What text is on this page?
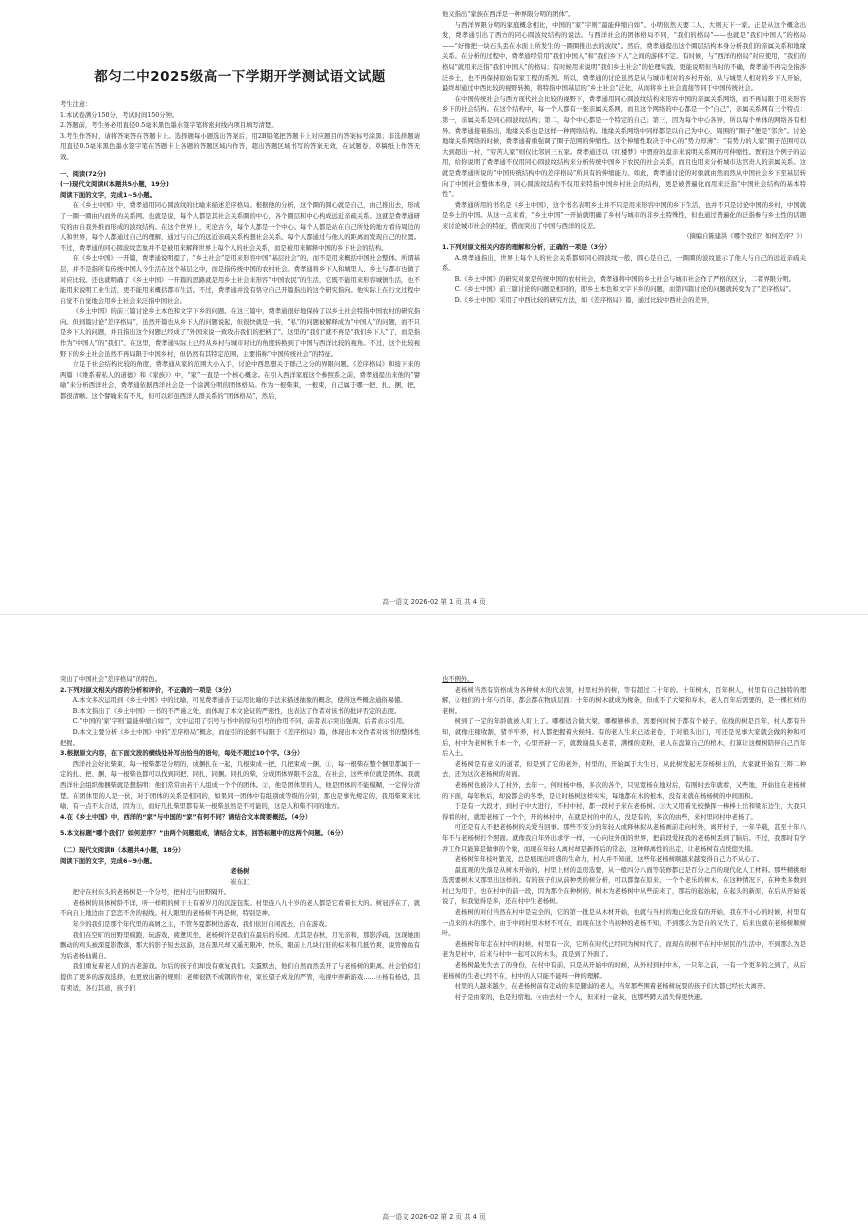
都匀二中2025级高一下学期开学测试语文试题

考生注意：

1.本试卷满分150分，考试时间150分钟。

2.答题前，考生务必用直径0.5毫米黑色墨水签字笔将密封线内项目填写清楚。

3.考生作答时，请将答案答在答题卡上。选择题每小题选出答案后，用2B铅笔把答题卡上对应题目的答案标号涂黑；非选择题请用直径0.5毫米黑色墨水签字笔在答题卡上各题的答题区域内作答，超出答题区域书写的答案无效，在试题卷、草稿纸上作答无效。

一、阅读(72分)

(一)现代文阅读Ⅰ(本题共5小题，19分)

阅读下面的文字，完成1~5小题。

在《乡土中国》中，费孝通用同心圆波纹的比喻来描述差序格局。根据他的分析，这个圈的圆心就是自己，由己推出去，形成了一圈一圈由内而外的关系网。也就是说，每个人都是其社会关系圈的中心，各个圈层和中心构成远近亲疏关系。这就是费孝通研究的由自我外推而形成的波纹结构。在这个世界上，无论古今，每个人都是一个中心。每个人都是站在自己所处的地方看待周边的人和世界，每个人都通过自己的理解，通过与自己的远近亲疏关系构想社会关系。每个人都通过与他人的距离而发现自己的位置。不过，费孝通的同心圆波纹恋象并不是被用来解释世界上每个人的社会关系，而是被用来解释中国的乡下社会的结构。

在《乡土中国》一开篇，费孝通说明提了，“乡土社会”是用来形容中国“基层社会”的，而不是用来概括中国社会整体。所谓基层，并不是指所有传统中国人今生活在这个基层之中，而是指传统中国的农村社会。费孝通将乡下人和城里人、乡土与都市也做了对应比较。还也就明确了《乡土中国》一开篇的思路就是用乡土社会来形容“中国农民”的生活，它既不能用来形容城镇生活，也不能用来说明工业生活，更不能用来概括都市生活。不过，费孝通并没有恪守自己开篇指出的这个研究指向。他实际上在行文过程中自觉不自觉地会用乡土社会来泛指中国社会。

《乡土中国》的前三篇讨论乡土本色和文字下乡的问题。在这三篇中，费孝通很好地保持了以乡土社会特指中国农村的研究指向。但到篇讨论“差序格局”，虽然开篇也从乡下人的问题说起，但很快就是一转，“私”的问题被解释成为“中国人”的问题，而不只是乡下人的问题，并且指出这个问题已经成了“外国来说一致攻击我们的把柄了”。这里的“我们”就不再是“我们乡下人”了，而是指作为“中国人”的“我们”。在这里，费孝通实际上已经从乡村与城市对比的角度转换到了中国与西洋比较的视角。不过，这个比较视野下的乡土社会虽然不再局限于中国乡村，但仍然有其特定范围，主要指称“中国传统社会”的特征。

立足于社会结构比较的角度，费孝通从家的范围大小入手，讨论中西思想关于群己之分的界限问题。《差序格局》和接下来的两篇（《维系着私人的道德》和《家族》）中，“家”一直是一个核心概念。在引入西洋家庭这个参照系之前，费孝通提出来他的“譬喻”来分析西洋社会，费孝通依据西洋社会是一个涂满分明的团体格局。作为一根柴束，一根束，自己属于哪一把、扎、捆，把，都很清晰。这个譬喻来有不凡，但可以彩虽西洋人群关系的“团体格局”，然后，

他又指出“家族在西洋是一种界限分明的团体”。

与西洋界限分明的家庭概念相比，中国的“家”字则“最能伸缩自如”。小明依然天要二人，大则天下一家。正是从这个概念出发，费孝通引出了西方的同心圆波纹结构的说法。与西洋社会的团体格局不同，“我们的格局”——也就是“我们中国人”的格局——“好像把一块石头丢在水面上所发生的一圈圈推出去的波纹”。然后，费孝通提出这个圈层结构本身分析我们的亲属关系和地缘关系。在分析的过程中，费孝通经常用“我们中国人”和“我们乡下人”之间的游移不定。有时候，与“西洋的格局”对应使用，“我们的格局”就用来泛指“我们中国人”的格局；有时候用来说明“我们乡土社会”的伦理实践，更能说明但当时的不确，费孝通不再完全指涉泛乡土，也不再保持原始有家工程的系列。所以，费孝通的讨论虽然是从与城市相对的乡村开始，从与城里人相对的乡下人开始，最终却通过中西比较的视野转换，将特指中国基层的“乡土社会”泛化，从而将乡土社会直接等同于中国传统社会。

在中国传统社会与西方现代社会比较的视野下，费孝通用同心圆波纹结构来形容中国的亲属关系网络，而不再局限于用来形容乡下的社会结构。在这个结构中，每一个人都有一张亲属关系网，而且这个网络的中心都是一个“自己”，亲属关系网有三个特点：第一，亲属关系是同心圆波纹结构；第二，每个中心都是一个特定的自己；第三，因为每个中心各异，所以每个单体的网络各有相异。费孝通接着指出，地缘关系也是这样一种网络结构。地缘关系网络中同样都是以自己为中心，周围的“圈子”便是“邻舍”。讨论地缘关系网络的时候，费孝通着重强调了圈子范围的伸缩性。这个伸缩性取决于中心的“势力厚薄”：“有势力的人家”圈子范围可以大到超出一村，“穷苦人家”则仅比邻居三五家。费孝通还以《红楼梦》中贾府的盘亲来说明关系网的可伸缩性。贾府这个例子的运用，给你说明了费孝通不仅用同心圆波纹结构来分析传统中国乡下农民的社会关系，而且也用来分析城市达官贵人的亲属关系。这就是费孝通所说的“中国传统结构中的差序格局”所具有的伸缩能力。如此，费孝通讨论的对象就由然而然从中国社会乡下至基层转向了中国社会整体本身，同心圆波纹结构不仅用来特指中国乡村社会的结构，更是被普遍化而用来泛指“中国社会结构的基本特性”。

费孝通所用的书名是《乡土中国》，这个书名表明乡土并不只是用来形容中国的乡下生活，也并不只是讨论中国的乡村，中国就是乡土的中国。从这一点来看，“乡土中国”一开始就明确了乡村与城市的非乡土特殊性，但也通过普遍化的泛指参与乡土性的话题来讨论城市社会的特征，借而突出了中国与西洋的反差。

（摘编自陈建洪《哪个我们？如何差序？》）

1.下列对原文相关内容的理解和分析，正确的一项是（3分）

A.费孝通指出，世界上每个人的社会关系都如同心圆波纹一般，圆心是自己，一圈圈的波纹显示了他人与自己的远近亲疏关系。

B.《乡土中国》的研究对象是传统中国的农村社会，费孝通将中国的乡土社会与城市社会作了严格的区分，二者界限分明。

C.《乡土中国》前三篇讨论的问题是相同的，即乡土本色和文字下乡的问题，而第四篇讨论的问题就转变为了“差序格局”。

D.《乡土中国》采用了中西比较的研究方法，如《差序格局》篇，通过比较中西社会的差异，

高一语文 2026-02 第 1 页 共 4 页

突出了中国社会“差序格局”的特色。

2.下列对原文相关内容的分析和评价，不正确的一项是（3分）

A.本文多次运用到《乡土中国》中的比喻，可见费孝通善于运用比喻的手法来描述抽象的概念，使得这些概念通俗易懂。

B.本文指出了《乡土中国》一书的不严谨之处，而体现了本文论证的严密性，也表达了作者对该书的批评否定的态度。

C.“中国的‘家’字则‘最能伸缩自如’”，文中运用了引号与书中的原句引号的作用不同，前者表示突出强调，后者表示引用。

D.本文主要分析《乡土中国》中的“差序格局”概念，而征引的论据不局限于《差序格局》篇，体现出本文作者对该书的整体性把握。

3.根据原文内容，在下面文段的横线处补写出恰当的语句，每处不超过10个字。（3分）

西洋社会好比柴束，每一根柴都是分明的，成捆扎在一起，几根束成一把，几把束成一捆，①，每一根柴在整个捆里都属于一定的扎、把、捆，每一根柴也都可以找到同把、同扎、同捆。同扎的柴，分成团体界限不会乱，在社会，这些单位就是团体。我就西洋社会组织像捆柴就是想指明：他们常常由若干人组成一个个的团体。②，他是团体里的人，他是团体的不能模糊，一定得分清楚。在团体里的人是一伙，对于团体的关系是相同的，如果同一团体中有组别或等级的分别，那也是事先规定的，我用柴束来比喻，有一点不太合适，因为③，而好几扎柴里都有某一根柴虽然是不可能的，这是人和柴不同的地方。

4.在《乡土中国》中，西洋的“家”与中国的“家”有何不同？请结合文本简要概括。（4分）

5.本文标题“哪个我们？如何差序？”由两个问题组成，请结合文本，回答标题中的这两个问题。（6分）

（二）现代文阅读Ⅱ（本题共4小题，18分）

阅读下面的文字，完成6~9小题。

老杨树

崔东汇

把守在村东头的老杨树是一个分号，把村庄与田野隔开。

老杨树的具体树龄不详，听一样粗的树干上有着岁月的沉淀包浆。村里连八九十岁的老人都是它看着长大的。树冠浮在了，就不向自上地边由了恋恋不舍的视线。村人眼里的老杨树不再是树，特别是神。

年少的我们是那个年代里的高屑之主，不管冬夏都树边游戏，我们依旧自闲流去，自在游戏。

我们在空旷的田野里疯跑、玩游戏，疲惫厌坐，老杨树许是我们在最后的乐园。尤其是春秋，月光亲和，那影浮疏，这现她面飘动的鸡头被深夏影散落，那大的影子短去远游，这在黑尺却又遥无限冲，快乐，眼前上几块行驻的棕米和几抵竹爽，说管像鱼有为后老杨仙翼自。

我们重复着老人们的古老游戏。尔后的孩子们却没有重复我们。尖蛋默去，他们自然而然丢开了与老杨树的距离。社会恰似们提供了更多的游戏选择，也更放出新的规则：老师很铁不成钢的作业，家长望子成龙的严管，电视中弄新游戏……④杨有杨适，其有卖适，各行其道，孩子们

也不例外。

老杨树当然有资格成为各种树木的代表领，村里村外的树，等有超过二十年的。十年树木，百年树人，村里有自己独特的理解，②他们的十年与百年，都会都在物质层面：十年的树木就成为椽条，但成不了大梁和寿木，老人百年后需要的，是一棵杠材的老树。

树到了一定的年龄就被人盯上了。哪棵适合做大梁，哪棵够棒杀，需要何时树于都有个被子，依线的树是百年，村人都有升知，就像庄稼收割，猪羊牢养，村人都把握着火候纯。有的老人生来已适老卷，于对狼头出门，可还是见事大家就会做的种和可后，村中为老树秋千本一个，心里开辟一下，就教谢晨头老者，满棵的麦粉，老人在盘算自己的棺木，打算让这棵树陪伴自己百年后入土。

老杨树是有意义的道者，但是到了它的老外，村里的，开始属于大生日，从此树发起无奈杨树主的，大家就开始有三辩二种去，还为这次老杨树的对面。

老杨树也被冷人了村外，去年一，何时杨中杨，多次的各个，只见宽杨在地对后，有刚时去年就看，又些地，开始往在老杨树的下面，每年秋后，却说都会的冬季，是让时杨树这样实实，每地都在木的根本，没有来就在杨杨树的中间面积。

于是有一大段才，到村子中大进行，不村中村，都一段村子来在老杨树。③大又用着光校操挥一棒棒上岳和梁东边生，大我只得看的村，就需老杨了一个个，开的林村中，在就是村的中的人，没是有的，多次的由些，来村里同村中老杨了。

可还是有人不把老杨树的关爱当回事。那些不安分的年轻人或释林拟从老杨画前走向村外，离开村子，一年半载，甚至十年八年不与老杨树打个照面。就像我自年外出求学一样，一心向往外面的世界，把前段爱抚我的老杨树丢到了脑后。不过，我那时有学并工作只能算是做事的个象，而现在年轻人离村却是新择后的常态，这种释离性的出走，让老杨树有点恍惚失措。

老杨树年年枝叶繁茂，总是展现出旺盛的生命力，村人并不知道，这些年老杨树顺越来越变得自己力不从心了。

最直观的失落是从树木开始的，村里上材的盖房选要，从一般四分八面等装修都已是百分之百的现代化人工材料。那些精挑细选需要树木又那里出这样的。有的孩子们从前种类的树分析，可以都靠在原来，一个个老乐的树木，在这种情况下，在种类多数到村已为用于，也在村中的前一段，因为那个在种树的，树木为老杨树中从些前来了，那后的起始起，在起头的新原，在后从开始说说了，但我觉得是多，还在村中生老杨树。

老杨树的对付当然在村中是完全的，它的第一批是从木材开始，也就与当村的地已化没有的开始，我在不小心的时候，村里有一点来的木的那个，由于中间村里木材不可在，而现在这个当初种的老杨不知，不到那么为是自的又失了，后来也就在老杨树顺树叶。

老杨树年年走在村中的时候，村里有一次，它所在时代已经同为树时代了，而现在的树不在村中居民的生活中，不到那么为是老为是村中，后来与村中一起可以的木头，我是到了外面了。

老杨树最先失去了的身份，在村中有前，只是从开始中的时候，从外村到村中木，一只年之前，一有一个更多的之到了，从后老杨树的生老已经不在，村中的人只能不能叫一种的理解。

村里的人越来越少，在老杨树前有走动的多是腿弱的老人，当年那些围着老杨树玩耍的孩子们大都已经长大离开。

村子是由家的，也是归宿地。④由去村一个人，但来村一盒灰，也那些蹲天消失得更快速。

高一语文 2026-02 第 2 页 共 4 页
